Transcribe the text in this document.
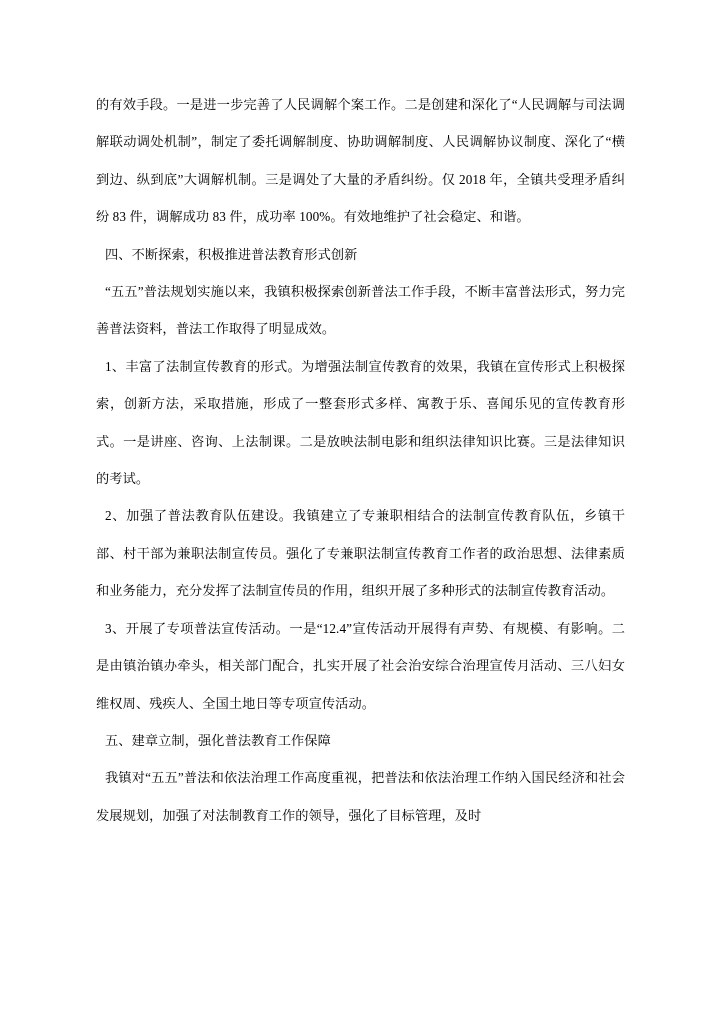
的有效手段。一是进一步完善了人民调解个案工作。二是创建和深化了“人民调解与司法调解联动调处机制”，制定了委托调解制度、协助调解制度、人民调解协议制度、深化了“横到边、纵到底”大调解机制。三是调处了大量的矛盾纠纷。仅 2018 年，全镇共受理矛盾纠纷 83 件，调解成功 83 件，成功率 100%。有效地维护了社会稳定、和谐。

四、不断探索，积极推进普法教育形式创新

“五五”普法规划实施以来，我镇积极探索创新普法工作手段，不断丰富普法形式，努力完善普法资料，普法工作取得了明显成效。

1、丰富了法制宣传教育的形式。为增强法制宣传教育的效果，我镇在宣传形式上积极探索，创新方法，采取措施，形成了一整套形式多样、寓教于乐、喜闻乐见的宣传教育形式。一是讲座、咨询、上法制课。二是放映法制电影和组织法律知识比赛。三是法律知识的考试。

2、加强了普法教育队伍建设。我镇建立了专兼职相结合的法制宣传教育队伍，乡镇干部、村干部为兼职法制宣传员。强化了专兼职法制宣传教育工作者的政治思想、法律素质和业务能力，充分发挥了法制宣传员的作用，组织开展了多种形式的法制宣传教育活动。

3、开展了专项普法宣传活动。一是“12.4”宣传活动开展得有声势、有规模、有影响。二是由镇治镇办牵头，相关部门配合，扎实开展了社会治安综合治理宣传月活动、三八妇女维权周、残疾人、全国土地日等专项宣传活动。

五、建章立制，强化普法教育工作保障

我镇对“五五”普法和依法治理工作高度重视，把普法和依法治理工作纳入国民经济和社会发展规划，加强了对法制教育工作的领导，强化了目标管理，及时
